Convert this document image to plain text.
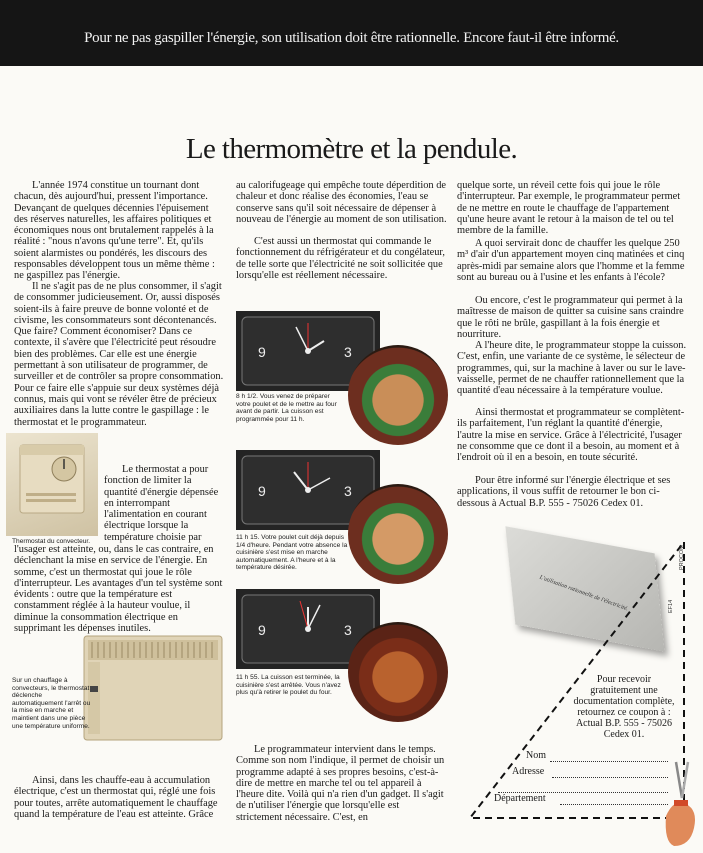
Pour ne pas gaspiller l'énergie, son utilisation doit être rationnelle. Encore faut-il être informé.
Le thermomètre et la pendule.

L'année 1974 constitue un tournant dont chacun, dès aujourd'hui, pressent l'importance. Devançant de quelques décennies l'épuisement des réserves naturelles, les affaires politiques et économiques nous ont brutalement rappelés à la réalité : "nous n'avons qu'une terre". Et, qu'ils soient alarmistes ou pondérés, les discours des responsables développent tous un même thème : ne gaspillez pas l'énergie.

Il ne s'agit pas de ne plus consommer, il s'agit de consommer judicieusement. Or, aussi disposés soient-ils à faire preuve de bonne volonté et de civisme, les consommateurs sont décontenancés. Que faire? Comment économiser? Dans ce contexte, il s'avère que l'électricité peut résoudre bien des problèmes. Car elle est une énergie permettant à son utilisateur de programmer, de surveiller et de contrôler sa propre consommation. Pour ce faire elle s'appuie sur deux systèmes déjà connus, mais qui vont se révéler être de précieux auxiliaires dans la lutte contre le gaspillage : le thermostat et le programmateur.

Thermostat du convecteur.

Le thermostat a pour fonction de limiter la quantité d'énergie dépensée en interrompant l'alimentation en courant électrique lorsque la température choisie par

l'usager est atteinte, ou, dans le cas contraire, en déclenchant la mise en service de l'énergie. En somme, c'est un thermostat qui joue le rôle d'interrupteur. Les avantages d'un tel système sont évidents : outre que la température est constamment réglée à la hauteur voulue, il diminue la consommation électrique en supprimant les dépenses inutiles.

Sur un chauffage à convecteurs, le thermostat déclenche automatiquement l'arrêt ou la mise en marche et maintient dans une pièce une température uniforme.

Ainsi, dans les chauffe-eau à accumulation électrique, c'est un thermostat qui, réglé une fois pour toutes, arrête automatiquement le chauffage quand la température de l'eau est atteinte. Grâce

au calorifugeage qui empêche toute déperdition de chaleur et donc réalise des économies, l'eau se conserve sans qu'il soit nécessaire de dépenser à nouveau de l'énergie au moment de son utilisation.

C'est aussi un thermostat qui commande le fonctionnement du réfrigérateur et du congélateur, de telle sorte que l'électricité ne soit sollicitée que lorsqu'elle est réellement nécessaire.

9	3

8 h 1/2. Vous venez de préparer votre poulet et de le mettre au four avant de partir. La cuisson est programmée pour 11 h.

9	3

11 h 15. Votre poulet cuit déjà depuis 1/4 d'heure. Pendant votre absence la cuisinière s'est mise en marche automatiquement. A l'heure et à la température désirée.

9	3

11 h 55. La cuisson est terminée, la cuisinière s'est arrêtée. Vous n'avez plus qu'à retirer le poulet du four.

Le programmateur intervient dans le temps. Comme son nom l'indique, il permet de choisir un programme adapté à ses propres besoins, c'est-à-dire de mettre en marche tel ou tel appareil à l'heure dite. Voilà qui n'a rien d'un gadget. Il s'agit de n'utiliser l'énergie que lorsqu'elle est strictement nécessaire. C'est, en

quelque sorte, un réveil cette fois qui joue le rôle d'interrupteur. Par exemple, le programmateur permet de ne mettre en route le chauffage de l'appartement qu'une heure avant le retour à la maison de tel ou tel membre de la famille.

A quoi servirait donc de chauffer les quelque 250 m³ d'air d'un appartement moyen cinq matinées et cinq après-midi par semaine alors que l'homme et la femme sont au bureau ou à l'usine et les enfants à l'école?

Ou encore, c'est le programmateur qui permet à la maîtresse de maison de quitter sa cuisine sans craindre que le rôti ne brûle, gaspillant à la fois énergie et nourriture.

A l'heure dite, le programmateur stoppe la cuisson. C'est, enfin, une variante de ce système, le sélecteur de programmes, qui, sur la machine à laver ou sur le lave-vaisselle, permet de ne chauffer rationnellement que la quantité d'eau nécessaire à la température voulue.

Ainsi thermostat et programmateur se complètent-ils parfaitement, l'un réglant la quantité d'énergie, l'autre la mise en service. Grâce à l'électricité, l'usager ne consomme que ce dont il a besoin, au moment et à l'endroit où il en a besoin, en toute sécurité.

Pour être informé sur l'énergie électrique et ses applications, il vous suffit de retourner le bon ci-dessous à Actual B.P. 555 - 75026 Cedex 01.

L'utilisation rationnelle de l'électricité.
PROCOM
EF14
Pour recevoir gratuitement une documentation complète, retournez ce coupon à : Actual B.P. 555 - 75026 Cedex 01.
Nom
Adresse
Département
